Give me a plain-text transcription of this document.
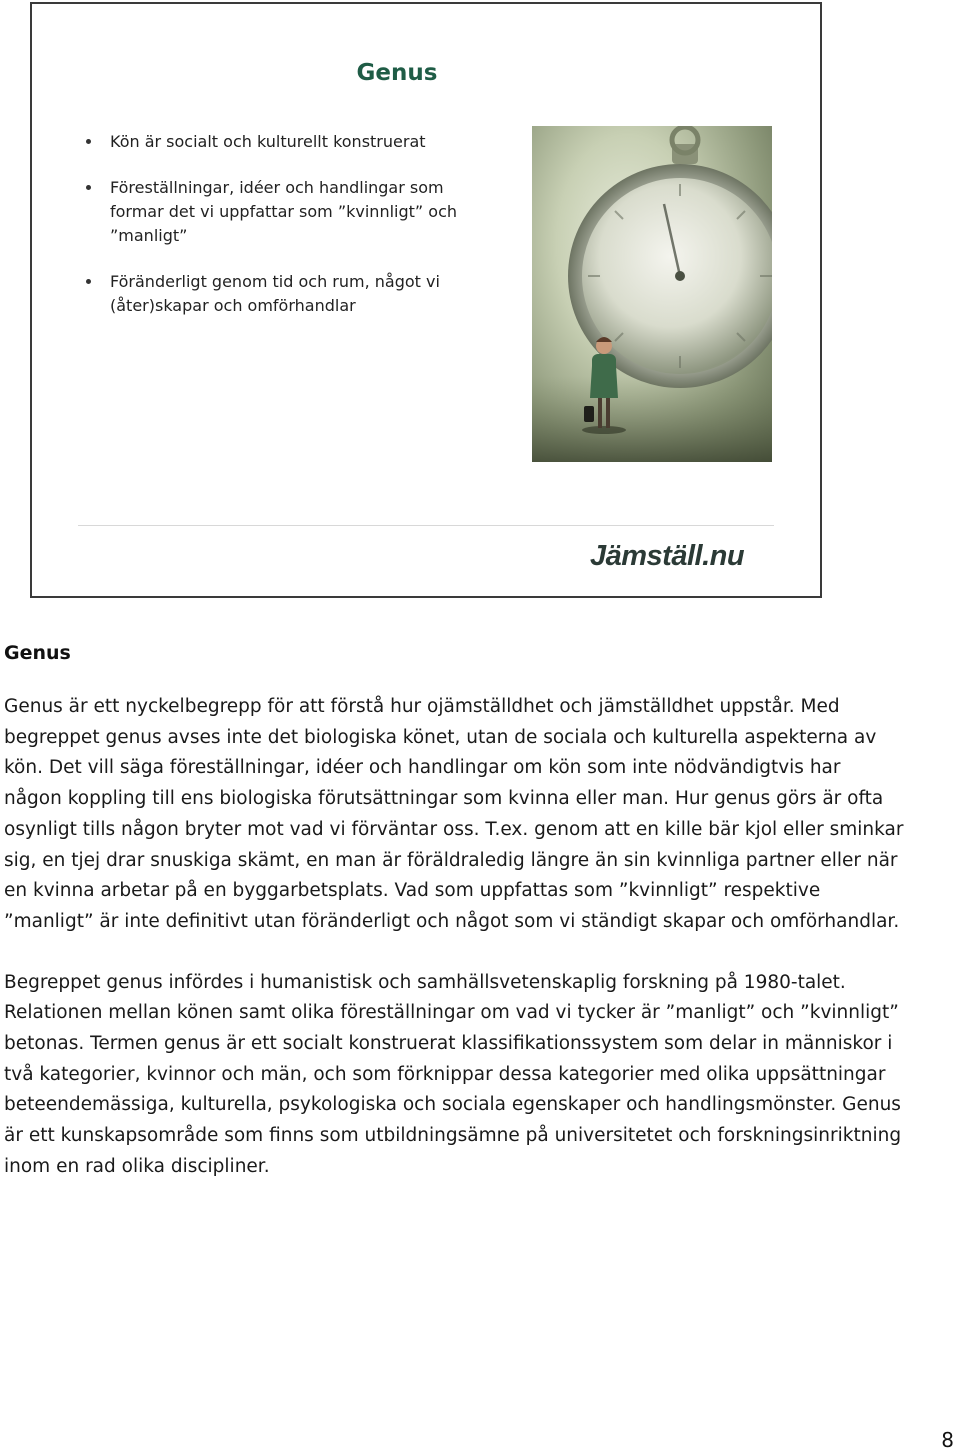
Genus
Kön är socialt och kulturellt konstruerat
Föreställningar, idéer och handlingar som formar det vi uppfattar som ”kvinnligt” och ”manligt”
Föränderligt genom tid och rum, något vi (åter)skapar och omförhandlar
Jämställ.nu
Genus

Genus är ett nyckelbegrepp för att förstå hur ojämställdhet och jämställdhet uppstår. Med begreppet genus avses inte det biologiska könet, utan de sociala och kulturella aspekterna av kön. Det vill säga föreställningar, idéer och handlingar om kön som inte nödvändigtvis har någon koppling till ens biologiska förutsättningar som kvinna eller man. Hur genus görs är ofta osynligt tills någon bryter mot vad vi förväntar oss. T.ex. genom att en kille bär kjol eller sminkar sig, en tjej drar snuskiga skämt, en man är föräldraledig längre än sin kvinnliga partner eller när en kvinna arbetar på en byggarbetsplats. Vad som uppfattas som ”kvinnligt” respektive ”manligt” är inte definitivt utan föränderligt och något som vi ständigt skapar och omförhandlar.

Begreppet genus infördes i humanistisk och samhällsvetenskaplig forskning på 1980-talet. Relationen mellan könen samt olika föreställningar om vad vi tycker är ”manligt” och ”kvinnligt” betonas. Termen genus är ett socialt konstruerat klassifikationssystem som delar in människor i två kategorier, kvinnor och män, och som förknippar dessa kategorier med olika uppsättningar beteendemässiga, kulturella, psykologiska och sociala egenskaper och handlingsmönster. Genus är ett kunskapsområde som finns som utbildningsämne på universitetet och forskningsinriktning inom en rad olika discipliner.

8
